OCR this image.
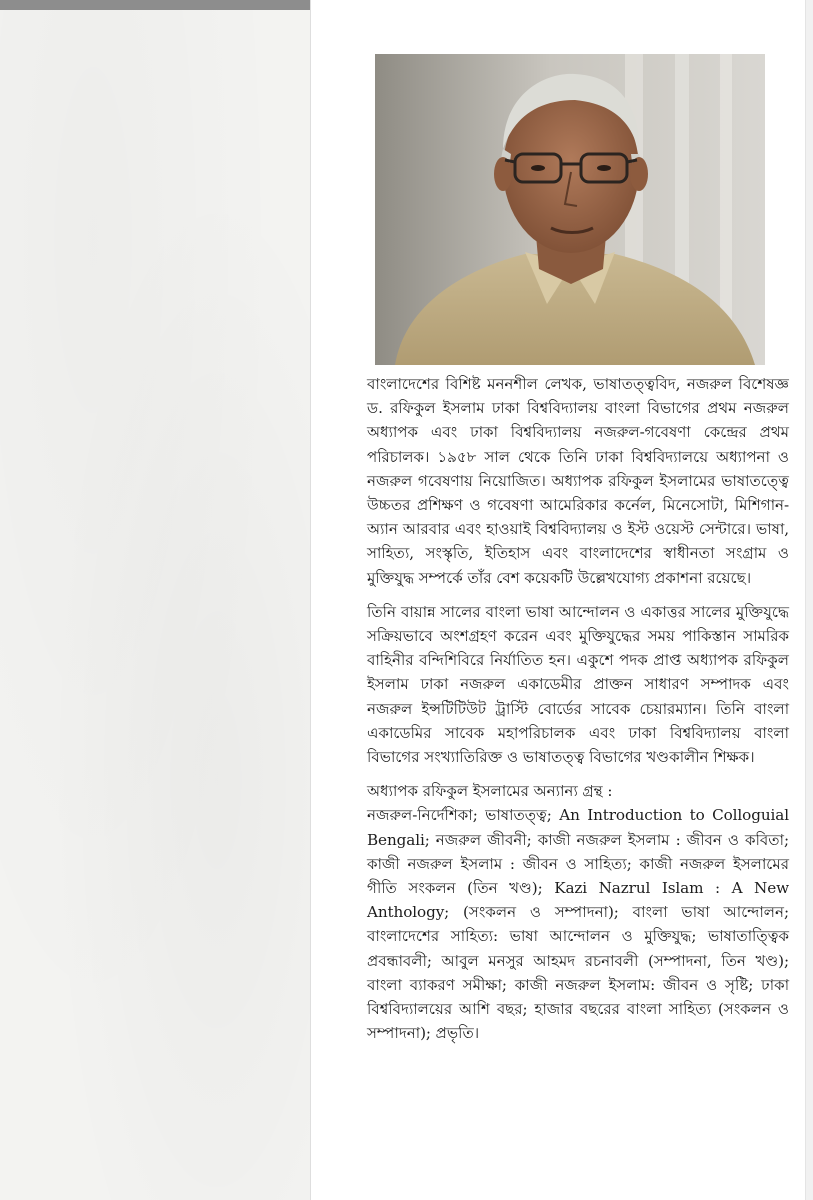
বাংলাদেশের বিশিষ্ট মননশীল লেখক, ভাষাতত্ত্ববিদ, নজরুল বিশেষজ্ঞ ড. রফিকুল ইসলাম ঢাকা বিশ্ববিদ্যালয় বাংলা বিভাগের প্রথম নজরুল অধ্যাপক এবং ঢাকা বিশ্ববিদ্যালয় নজরুল-গবেষণা কেন্দ্রের প্রথম পরিচালক। ১৯৫৮ সাল থেকে তিনি ঢাকা বিশ্ববিদ্যালয়ে অধ্যাপনা ও নজরুল গবেষণায় নিয়োজিত। অধ্যাপক রফিকুল ইসলামের ভাষাতত্ত্বে উচ্চতর প্রশিক্ষণ ও গবেষণা আমেরিকার কর্নেল, মিনেসোটা, মিশিগান-অ্যান আরবার এবং হাওয়াই বিশ্ববিদ্যালয় ও ইস্ট ওয়েস্ট সেন্টারে। ভাষা, সাহিত্য, সংস্কৃতি, ইতিহাস এবং বাংলাদেশের স্বাধীনতা সংগ্রাম ও মুক্তিযুদ্ধ সম্পর্কে তাঁর বেশ কয়েকটি উল্লেখযোগ্য প্রকাশনা রয়েছে।

তিনি বায়ান্ন সালের বাংলা ভাষা আন্দোলন ও একাত্তর সালের মুক্তিযুদ্ধে সক্রিয়ভাবে অংশগ্রহণ করেন এবং মুক্তিযুদ্ধের সময় পাকিস্তান সামরিক বাহিনীর বন্দিশিবিরে নির্যাতিত হন। একুশে পদক প্রাপ্ত অধ্যাপক রফিকুল ইসলাম ঢাকা নজরুল একাডেমীর প্রাক্তন সাধারণ সম্পাদক এবং নজরুল ইন্সটিটিউট ট্রাস্টি বোর্ডের সাবেক চেয়ারম্যান। তিনি বাংলা একাডেমির সাবেক মহাপরিচালক এবং ঢাকা বিশ্ববিদ্যালয় বাংলা বিভাগের সংখ্যাতিরিক্ত ও ভাষাতত্ত্ব বিভাগের খণ্ডকালীন শিক্ষক।

অধ্যাপক রফিকুল ইসলামের অন্যান্য গ্রন্থ :
নজরুল-নির্দেশিকা; ভাষাতত্ত্ব; An Introduction to Colloguial Bengali; নজরুল জীবনী; কাজী নজরুল ইসলাম : জীবন ও কবিতা; কাজী নজরুল ইসলাম : জীবন ও সাহিত্য; কাজী নজরুল ইসলামের গীতি সংকলন (তিন খণ্ড); Kazi Nazrul Islam : A New Anthology; (সংকলন ও সম্পাদনা); বাংলা ভাষা আন্দোলন; বাংলাদেশের সাহিত্য: ভাষা আন্দোলন ও মুক্তিযুদ্ধ; ভাষাতাত্ত্বিক প্রবন্ধাবলী; আবুল মনসুর আহমদ রচনাবলী (সম্পাদনা, তিন খণ্ড); বাংলা ব্যাকরণ সমীক্ষা; কাজী নজরুল ইসলাম: জীবন ও সৃষ্টি; ঢাকা বিশ্ববিদ্যালয়ের আশি বছর; হাজার বছরের বাংলা সাহিত্য (সংকলন ও সম্পাদনা); প্রভৃতি।
